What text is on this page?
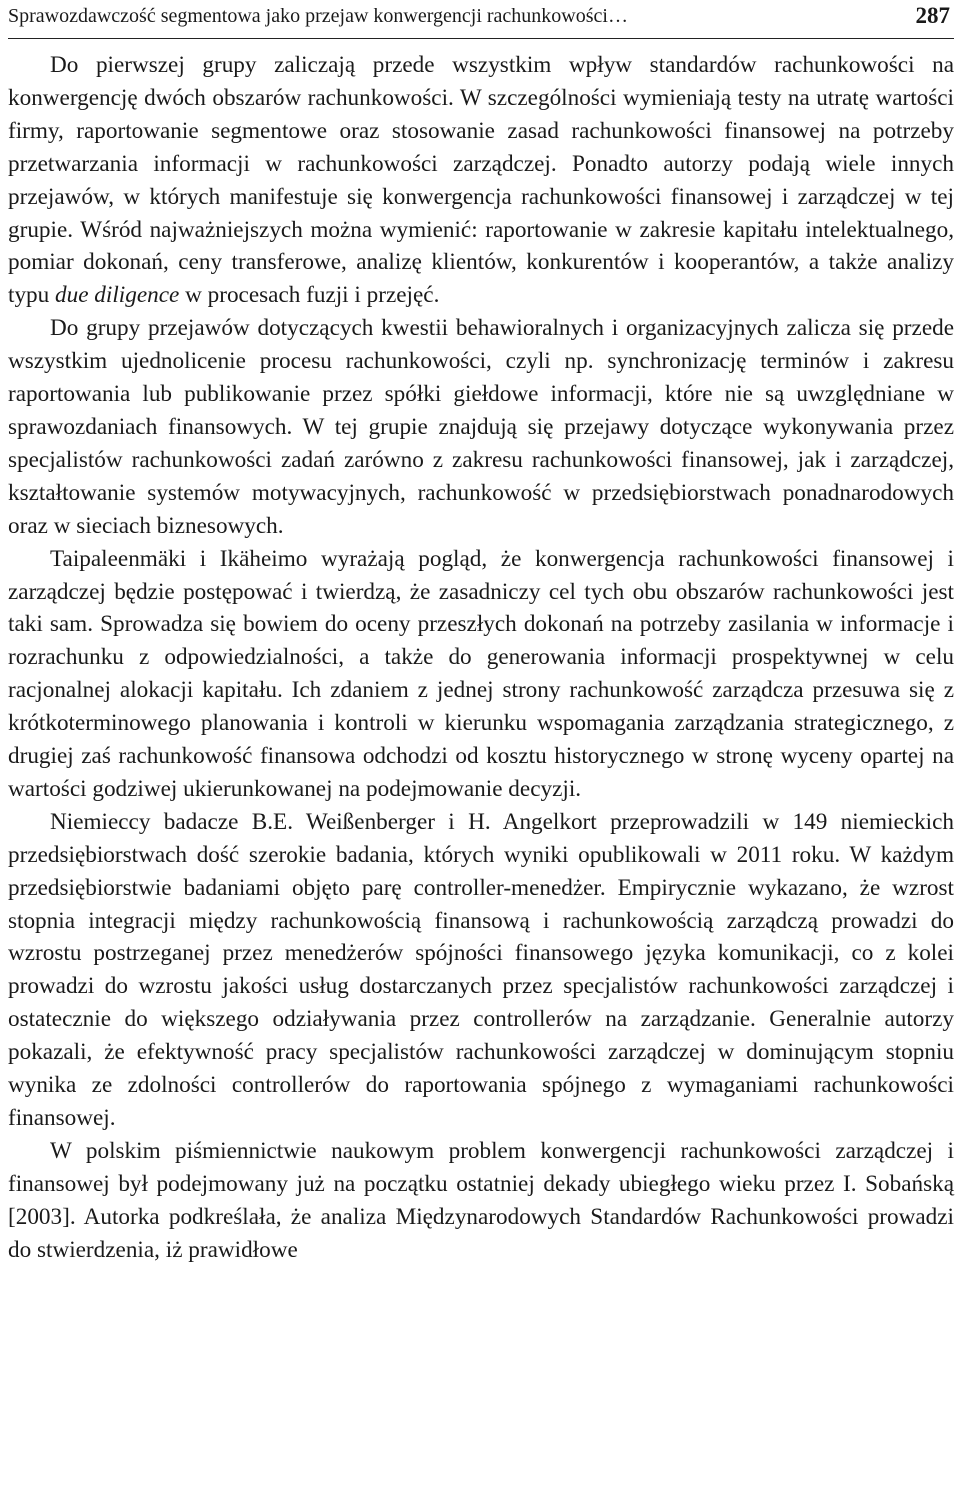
Sprawozdawczość segmentowa jako przejaw konwergencji rachunkowości…	287

Do pierwszej grupy zaliczają przede wszystkim wpływ standardów rachunkowości na konwergencję dwóch obszarów rachunkowości. W szczególności wymieniają testy na utratę wartości firmy, raportowanie segmentowe oraz stosowanie zasad rachunkowości finansowej na potrzeby przetwarzania informacji w rachunkowości zarządczej. Ponadto autorzy podają wiele innych przejawów, w których manifestuje się konwergencja rachunkowości finansowej i zarządczej w tej grupie. Wśród najważniejszych można wymienić: raportowanie w zakresie kapitału intelektualnego, pomiar dokonań, ceny transferowe, analizę klientów, konkurentów i kooperantów, a także analizy typu due diligence w procesach fuzji i przejęć.

Do grupy przejawów dotyczących kwestii behawioralnych i organizacyjnych zalicza się przede wszystkim ujednolicenie procesu rachunkowości, czyli np. synchronizację terminów i zakresu raportowania lub publikowanie przez spółki giełdowe informacji, które nie są uwzględniane w sprawozdaniach finansowych. W tej grupie znajdują się przejawy dotyczące wykonywania przez specjalistów rachunkowości zadań zarówno z zakresu rachunkowości finansowej, jak i zarządczej, kształtowanie systemów motywacyjnych, rachunkowość w przedsiębiorstwach ponadnarodowych oraz w sieciach biznesowych.

Taipaleenmäki i Ikäheimo wyrażają pogląd, że konwergencja rachunkowości finansowej i zarządczej będzie postępować i twierdzą, że zasadniczy cel tych obu obszarów rachunkowości jest taki sam. Sprowadza się bowiem do oceny przeszłych dokonań na potrzeby zasilania w informacje i rozrachunku z odpowiedzialności, a także do generowania informacji prospektywnej w celu racjonalnej alokacji kapitału. Ich zdaniem z jednej strony rachunkowość zarządcza przesuwa się z krótkoterminowego planowania i kontroli w kierunku wspomagania zarządzania strategicznego, z drugiej zaś rachunkowość finansowa odchodzi od kosztu historycznego w stronę wyceny opartej na wartości godziwej ukierunkowanej na podejmowanie decyzji.

Niemieccy badacze B.E. Weißenberger i H. Angelkort przeprowadzili w 149 niemieckich przedsiębiorstwach dość szerokie badania, których wyniki opublikowali w 2011 roku. W każdym przedsiębiorstwie badaniami objęto parę controller-menedżer. Empirycznie wykazano, że wzrost stopnia integracji między rachunkowością finansową i rachunkowością zarządczą prowadzi do wzrostu postrzeganej przez menedżerów spójności finansowego języka komunikacji, co z kolei prowadzi do wzrostu jakości usług dostarczanych przez specjalistów rachunkowości zarządczej i ostatecznie do większego odziaływania przez controllerów na zarządzanie. Generalnie autorzy pokazali, że efektywność pracy specjalistów rachunkowości zarządczej w dominującym stopniu wynika ze zdolności controllerów do raportowania spójnego z wymaganiami rachunkowości finansowej.

W polskim piśmiennictwie naukowym problem konwergencji rachunkowości zarządczej i finansowej był podejmowany już na początku ostatniej dekady ubiegłego wieku przez I. Sobańską [2003]. Autorka podkreślała, że analiza Międzynarodowych Standardów Rachunkowości prowadzi do stwierdzenia, iż prawidłowe
